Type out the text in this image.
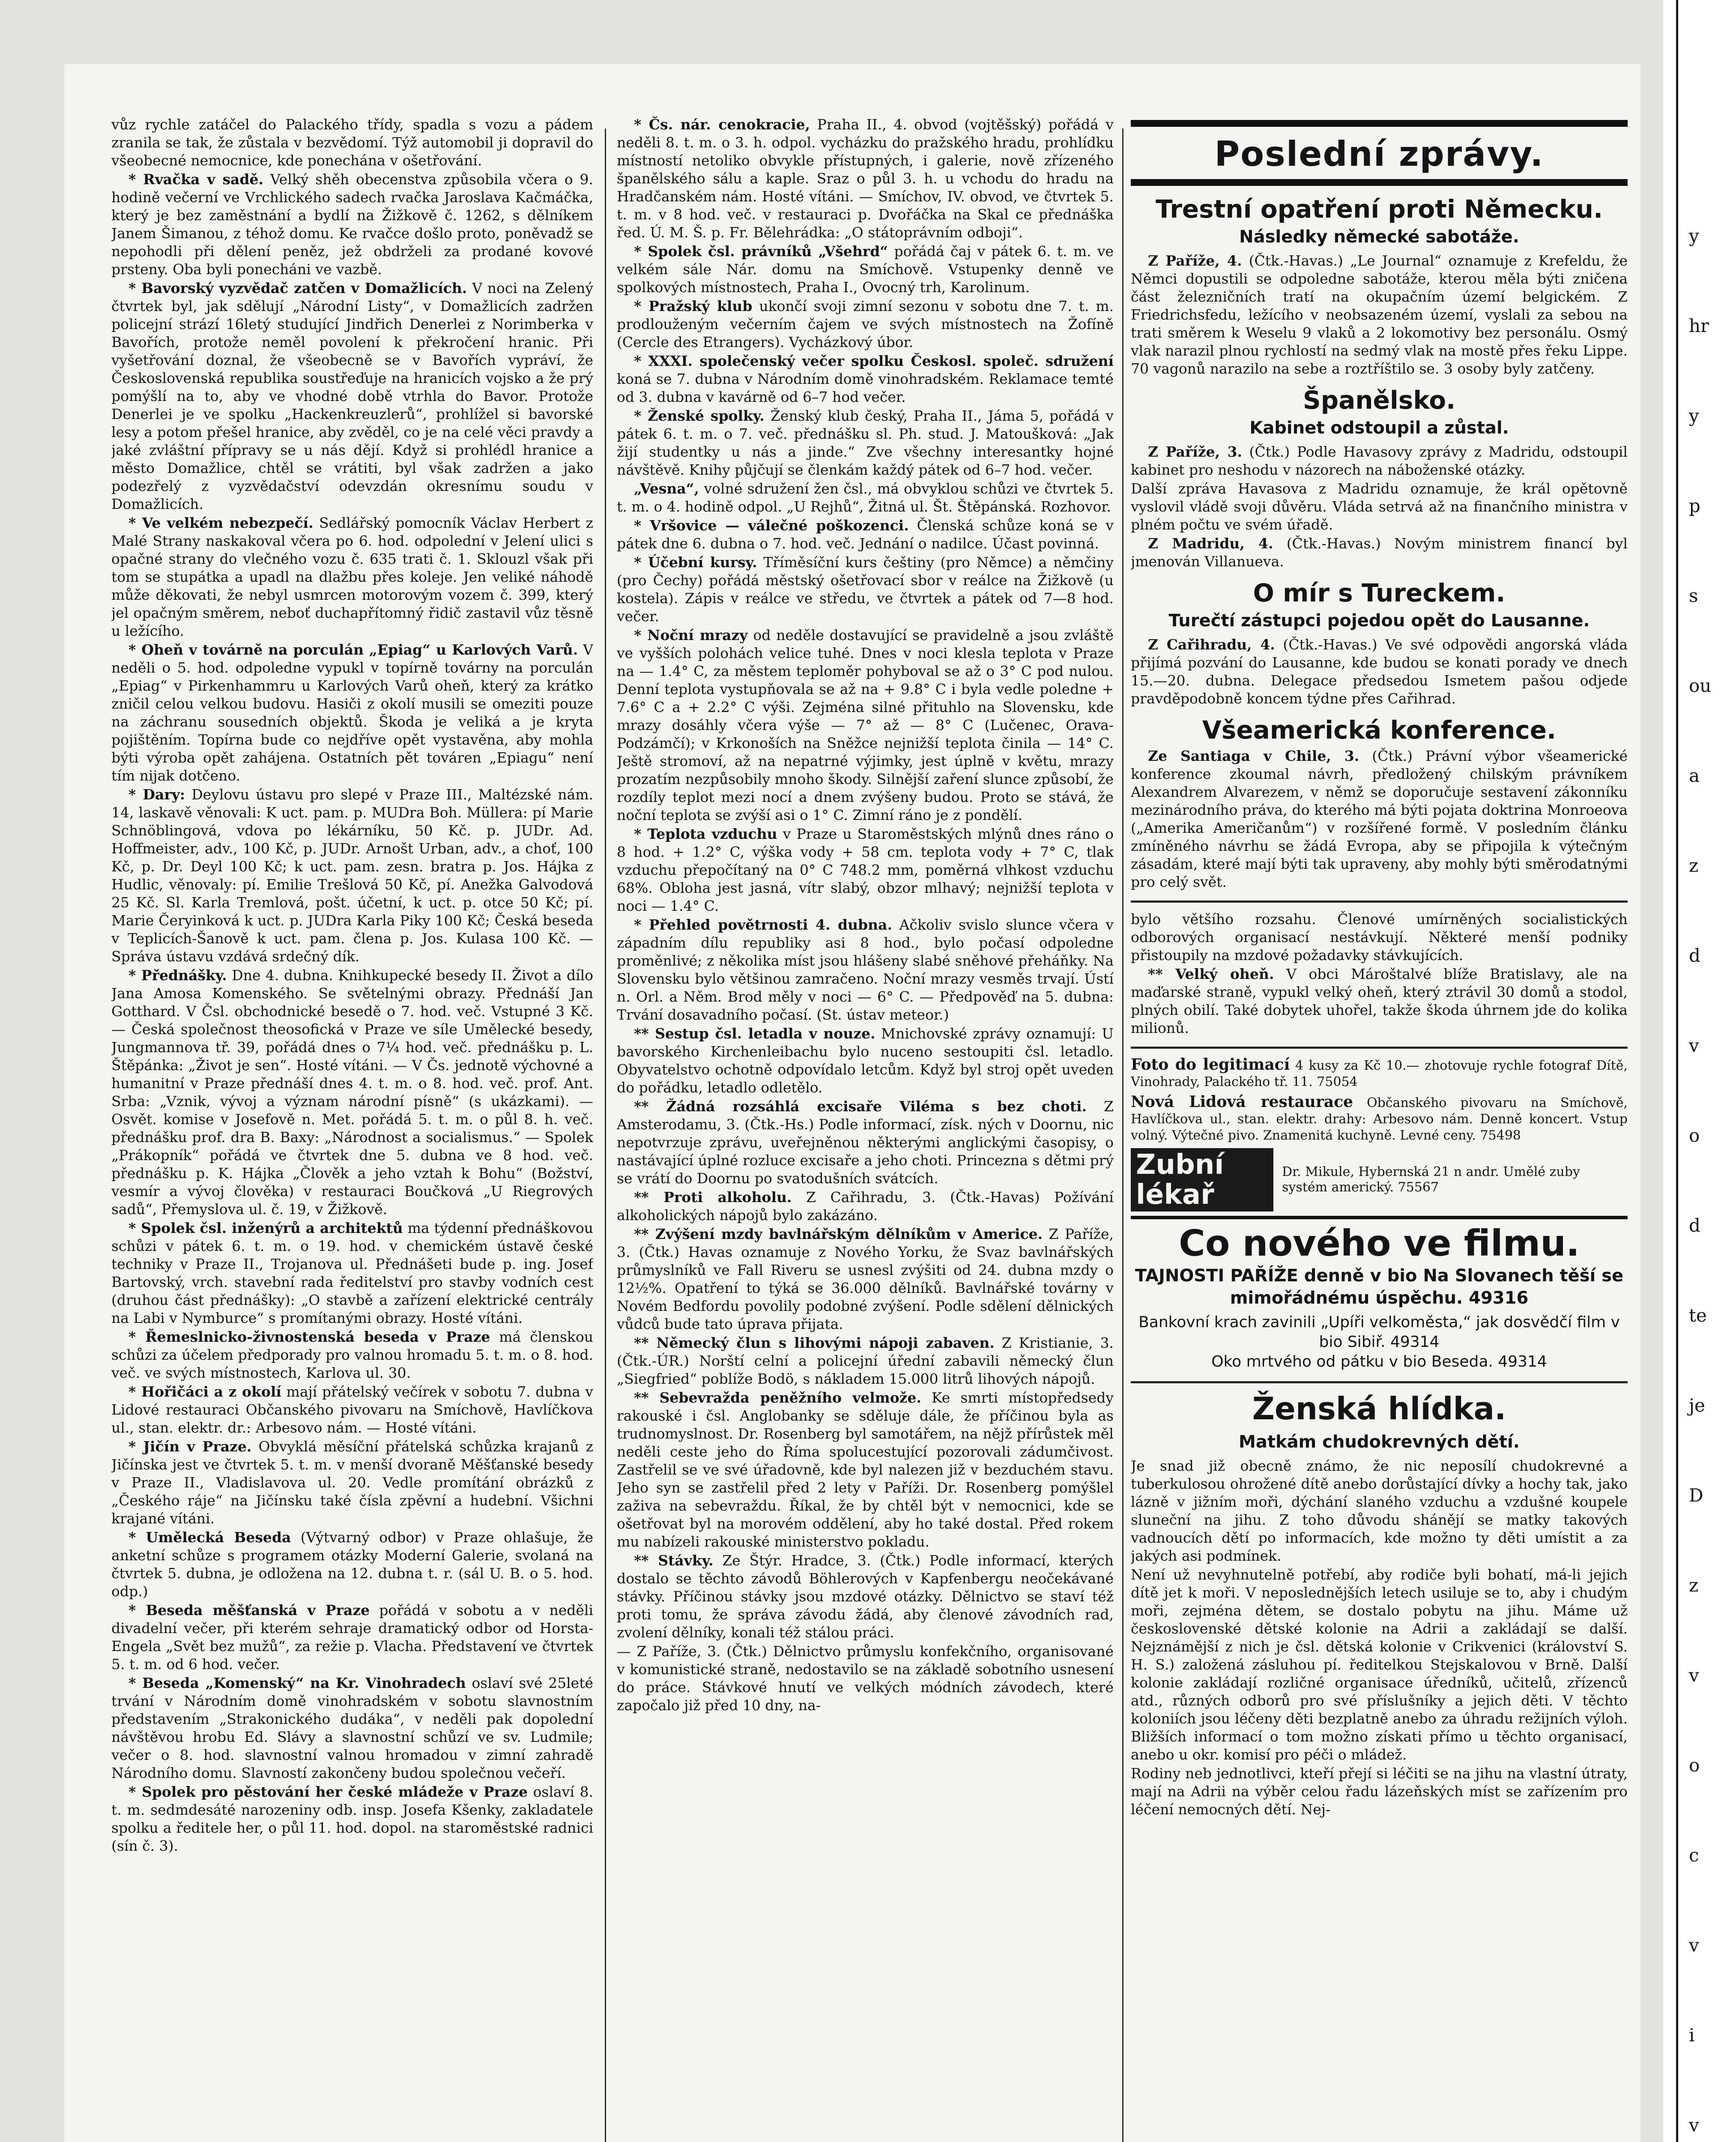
vůz rychle zatáčel do Palackého třídy, spadla s vozu a pádem zranila se tak, že zůstala v bezvědomí. Týž automobil ji dopravil do všeobecné nemocnice, kde ponechána v ošetřování.

* Rvačka v sadě. Velký shěh obecenstva způsobila včera o 9. hodině večerní ve Vrchlického sadech rvačka Jaroslava Kačmáčka, který je bez zaměstnání a bydlí na Žižkově č. 1262, s dělníkem Janem Šimanou, z téhož domu. Ke rvačce došlo proto, poněvadž se nepohodli při dělení peněz, jež obdrželi za prodané kovové prsteny. Oba byli ponecháni ve vazbě.

* Bavorský vyzvědač zatčen v Domažlicích. V noci na Zelený čtvrtek byl, jak sdělují „Národní Listy“, v Domažlicích zadržen policejní strází 16letý studující Jindřich Denerlei z Norimberka v Bavořích, protože neměl povolení k překročení hranic. Při vyšetřování doznal, že všeobecně se v Bavořích vypráví, že Československá republika soustřeďuje na hranicích vojsko a že prý pomýšlí na to, aby ve vhodné době vtrhla do Bavor. Protože Denerlei je ve spolku „Hackenkreuzlerů“, prohlížel si bavorské lesy a potom přešel hranice, aby zvěděl, co je na celé věci pravdy a jaké zvláštní přípravy se u nás dějí. Když si prohlédl hranice a město Domažlice, chtěl se vrátiti, byl však zadržen a jako podezřelý z vyzvědačství odevzdán okresnímu soudu v Domažlicích.

* Ve velkém nebezpečí. Sedlářský pomocník Václav Herbert z Malé Strany naskakoval včera po 6. hod. odpolední v Jelení ulici s opačné strany do vlečného vozu č. 635 trati č. 1. Sklouzl však při tom se stupátka a upadl na dlažbu přes koleje. Jen veliké náhodě může děkovati, že nebyl usmrcen motorovým vozem č. 399, který jel opačným směrem, neboť duchapřítomný řidič zastavil vůz těsně u ležícího.

* Oheň v továrně na porculán „Epiag“ u Karlových Varů. V neděli o 5. hod. odpoledne vypukl v topírně továrny na porculán „Epiag“ v Pirkenhammru u Karlových Varů oheň, který za krátko zničil celou velkou budovu. Hasiči z okolí musili se omeziti pouze na záchranu sousedních objektů. Škoda je veliká a je kryta pojištěním. Topírna bude co nejdříve opět vystavěna, aby mohla býti výroba opět zahájena. Ostatních pět továren „Epiagu“ není tím nijak dotčeno.

* Dary: Deylovu ústavu pro slepé v Praze III., Maltézské nám. 14, laskavě věnovali: K uct. pam. p. MUDra Boh. Müllera: pí Marie Schnöblingová, vdova po lékárníku, 50 Kč. p. JUDr. Ad. Hoffmeister, adv., 100 Kč, p. JUDr. Arnošt Urban, adv., a choť, 100 Kč, p. Dr. Deyl 100 Kč; k uct. pam. zesn. bratra p. Jos. Hájka z Hudlic, věnovaly: pí. Emilie Trešlová 50 Kč, pí. Anežka Galvodová 25 Kč. Sl. Karla Tremlová, pošt. účetní, k uct. p. otce 50 Kč; pí. Marie Čeryinková k uct. p. JUDra Karla Piky 100 Kč; Česká beseda v Teplicích-Šanově k uct. pam. člena p. Jos. Kulasa 100 Kč. — Správa ústavu vzdává srdečný dík.

* Přednášky. Dne 4. dubna. Knihkupecké besedy II. Život a dílo Jana Amosa Komenského. Se světelnými obrazy. Přednáší Jan Gotthard. V Čsl. obchodnické besedě o 7. hod. več. Vstupné 3 Kč. — Česká společnost theosofická v Praze ve síle Umělecké besedy, Jungmannova tř. 39, pořádá dnes o 7¼ hod. več. přednášku p. L. Štěpánka: „Život je sen“. Hosté vítáni. — V Čs. jednotě výchovné a humanitní v Praze přednáší dnes 4. t. m. o 8. hod. več. prof. Ant. Srba: „Vznik, vývoj a význam národní písně“ (s ukázkami). — Osvět. komise v Josefově n. Met. pořádá 5. t. m. o půl 8. h. več. přednášku prof. dra B. Baxy: „Národnost a socialismus.“ — Spolek „Prákopník“ pořádá ve čtvrtek dne 5. dubna ve 8 hod. več. přednášku p. K. Hájka „Člověk a jeho vztah k Bohu“ (Božství, vesmír a vývoj člověka) v restauraci Boučková „U Riegrových sadů“, Přemyslova ul. č. 19, v Žižkově.

* Spolek čsl. inženýrů a architektů ma týdenní přednáškovou schůzi v pátek 6. t. m. o 19. hod. v chemickém ústavě české techniky v Praze II., Trojanova ul. Přednášeti bude p. ing. Josef Bartovský, vrch. stavební rada ředitelství pro stavby vodních cest (druhou část přednášky): „O stavbě a zařízení elektrické centrály na Labi v Nymburce“ s promítanými obrazy. Hosté vítáni.

* Řemeslnicko-živnostenská beseda v Praze má členskou schůzi za účelem předporady pro valnou hromadu 5. t. m. o 8. hod. več. ve svých místnostech, Karlova ul. 30.

* Hořičáci a z okolí mají přátelský večírek v sobotu 7. dubna v Lidové restauraci Občanského pivovaru na Smíchově, Havlíčkova ul., stan. elektr. dr.: Arbesovo nám. — Hosté vítáni.

* Jičín v Praze. Obvyklá měsíční přátelská schůzka krajanů z Jičínska jest ve čtvrtek 5. t. m. v menší dvoraně Měšťanské besedy v Praze II., Vladislavova ul. 20. Vedle promítání obrázků z „Českého ráje“ na Jičínsku také čísla zpěvní a hudební. Všichni krajané vítáni.

* Umělecká Beseda (Výtvarný odbor) v Praze ohlašuje, že anketní schůze s programem otázky Moderní Galerie, svolaná na čtvrtek 5. dubna, je odložena na 12. dubna t. r. (sál U. B. o 5. hod. odp.)

* Beseda měšťanská v Praze pořádá v sobotu a v neděli divadelní večer, při kterém sehraje dramatický odbor od Horsta-Engela „Svět bez mužů“, za režie p. Vlacha. Představení ve čtvrtek 5. t. m. od 6 hod. večer.

* Beseda „Komenský“ na Kr. Vinohradech oslaví své 25leté trvání v Národním domě vinohradském v sobotu slavnostním představením „Strakonického dudáka“, v neděli pak dopolední návštěvou hrobu Ed. Slávy a slavnostní schůzí ve sv. Ludmile; večer o 8. hod. slavnostní valnou hromadou v zimní zahradě Národního domu. Slavností zakončeny budou společnou večeří.

* Spolek pro pěstování her české mládeže v Praze oslaví 8. t. m. sedmdesáté narozeniny odb. insp. Josefa Kšenky, zakladatele spolku a ředitele her, o půl 11. hod. dopol. na staroměstské radnici (sín č. 3).

* Čs. nár. cenokracie, Praha II., 4. obvod (vojtěšský) pořádá v neděli 8. t. m. o 3. h. odpol. vycházku do pražského hradu, prohlídku místností netoliko obvykle přístupných, i galerie, nově zřízeného španělského sálu a kaple. Sraz o půl 3. h. u vchodu do hradu na Hradčanském nám. Hosté vítáni. — Smíchov, IV. obvod, ve čtvrtek 5. t. m. v 8 hod. več. v restauraci p. Dvořáčka na Skal ce přednáška řed. Ú. M. Š. p. Fr. Bělehrádka: „O státoprávním odboji“.

* Spolek čsl. právníků „Všehrd“ pořádá čaj v pátek 6. t. m. ve velkém sále Nár. domu na Smíchově. Vstupenky denně ve spolkových místnostech, Praha I., Ovocný trh, Karolinum.

* Pražský klub ukončí svoji zimní sezonu v sobotu dne 7. t. m. prodlouženým večerním čajem ve svých místnostech na Žofíně (Cercle des Etrangers). Vycházkový úbor.

* XXXI. společenský večer spolku Českosl. společ. sdružení koná se 7. dubna v Národním domě vinohradském. Reklamace temté od 3. dubna v kavárně od 6–7 hod večer.

* Ženské spolky. Ženský klub český, Praha II., Jáma 5, pořádá v pátek 6. t. m. o 7. več. přednášku sl. Ph. stud. J. Matoušková: „Jak žijí studentky u nás a jinde.“ Zve všechny interesantky hojné návštěvě. Knihy půjčují se členkám každý pátek od 6–7 hod. večer.

„Vesna“, volné sdružení žen čsl., má obvyklou schůzi ve čtvrtek 5. t. m. o 4. hodině odpol. „U Rejhů“, Žitná ul. Št. Štěpánská. Rozhovor.

* Vršovice — válečné poškozenci. Členská schůze koná se v pátek dne 6. dubna o 7. hod. več. Jednání o nadilce. Účast povinná.

* Účební kursy. Tříměsíční kurs češtiny (pro Němce) a němčiny (pro Čechy) pořádá městský ošetřovací sbor v reálce na Žižkově (u kostela). Zápis v reálce ve středu, ve čtvrtek a pátek od 7—8 hod. večer.

* Noční mrazy od neděle dostavující se pravidelně a jsou zvláště ve vyšších polohách velice tuhé. Dnes v noci klesla teplota v Praze na — 1.4° C, za městem teploměr pohyboval se až o 3° C pod nulou. Denní teplota vystupňovala se až na + 9.8° C i byla vedle poledne + 7.6° C a + 2.2° C výši. Zejména silné přituhlo na Slovensku, kde mrazy dosáhly včera výše — 7° až — 8° C (Lučenec, Orava-Podzámčí); v Krkonoších na Sněžce nejnižší teplota činila — 14° C. Ještě stromoví, až na nepatrné výjimky, jest úplně v květu, mrazy prozatím nezpůsobily mnoho škody. Silnější zaření slunce způsobí, že rozdíly teplot mezi nocí a dnem zvýšeny budou. Proto se stává, že noční teplota se zvýší asi o 1° C. Zimní ráno je z pondělí.

* Teplota vzduchu v Praze u Staroměstských mlýnů dnes ráno o 8 hod. + 1.2° C, výška vody + 58 cm. teplota vody + 7° C, tlak vzduchu přepočítaný na 0° C 748.2 mm, poměrná vlhkost vzduchu 68%. Obloha jest jasná, vítr slabý, obzor mlhavý; nejnižší teplota v noci — 1.4° C.

* Přehled povětrnosti 4. dubna. Ačkoliv svislo slunce včera v západním dílu republiky asi 8 hod., bylo počasí odpoledne proměnlivé; z několika míst jsou hlášeny slabé sněhové přeháňky. Na Slovensku bylo většinou zamračeno. Noční mrazy vesměs trvají. Ústí n. Orl. a Něm. Brod měly v noci — 6° C. — Předpověď na 5. dubna: Trvání dosavadního počasí. (St. ústav meteor.)

** Sestup čsl. letadla v nouze. Mnichovské zprávy oznamují: U bavorského Kirchenleibachu bylo nuceno sestoupiti čsl. letadlo. Obyvatelstvo ochotně odpovídalo letcům. Když byl stroj opět uveden do pořádku, letadlo odletělo.

** Žádná rozsáhlá excisaře Viléma s bez choti. Z Amsterodamu, 3. (Čtk.-Hs.) Podle informací, získ. ných v Doornu, nic nepotvrzuje zprávu, uveřejněnou některými anglickými časopisy, o nastávající úplné rozluce excisaře a jeho choti. Princezna s dětmi prý se vrátí do Doornu po svatodušních svátcích.

** Proti alkoholu. Z Cařihradu, 3. (Čtk.-Havas) Požívání alkoholických nápojů bylo zakázáno.

** Zvýšení mzdy bavlnářským dělníkům v Americe. Z Paříže, 3. (Čtk.) Havas oznamuje z Nového Yorku, že Svaz bavlnářských průmyslníků ve Fall Riveru se usnesl zvýšiti od 24. dubna mzdy o 12½%. Opatření to týká se 36.000 dělníků. Bavlnářské továrny v Novém Bedfordu povolily podobné zvýšení. Podle sdělení dělnických vůdců bude tato úprava přijata.

** Německý člun s lihovými nápoji zabaven. Z Kristianie, 3. (Čtk.-ÚR.) Norští celní a policejní úřední zabavili německý člun „Siegfried“ poblíže Bodö, s nákladem 15.000 litrů lihových nápojů.

** Sebevražda peněžního velmože. Ke smrti místopředsedy rakouské i čsl. Anglobanky se sděluje dále, že příčinou byla as trudnomyslnost. Dr. Rosenberg byl samotářem, na nějž přírůstek měl neděli ceste jeho do Říma spolucestující pozorovali zádumčivost. Zastřelil se ve své úřadovně, kde byl nalezen již v bezduchém stavu. Jeho syn se zastřelil před 2 lety v Paříži. Dr. Rosenberg pomýšlel zaživa na sebevraždu. Říkal, že by chtěl být v nemocnici, kde se ošetřovat byl na morovém oddělení, aby ho také dostal. Před rokem mu nabízeli rakouské ministerstvo pokladu.

** Stávky. Ze Štýr. Hradce, 3. (Čtk.) Podle informací, kterých dostalo se těchto závodů Böhlerových v Kapfenbergu neočekávané stávky. Příčinou stávky jsou mzdové otázky. Dělnictvo se staví též proti tomu, že správa závodu žádá, aby členové závodních rad, zvolení dělníky, konali též stálou práci.

— Z Paříže, 3. (Čtk.) Dělnictvo průmyslu konfekčního, organisované v komunistické straně, nedostavilo se na základě sobotního usnesení do práce. Stávkové hnutí ve velkých módních závodech, které započalo již před 10 dny, na-

Poslední zprávy.
Trestní opatření proti Německu.
Následky německé sabotáže.

Z Paříže, 4. (Čtk.-Havas.) „Le Journal“ oznamuje z Krefeldu, že Němci dopustili se odpoledne sabotáže, kterou měla býti zničena část železničních tratí na okupačním území belgickém. Z Friedrichsfedu, ležícího v neobsazeném území, vyslali za sebou na trati směrem k Weselu 9 vlaků a 2 lokomotivy bez personálu. Osmý vlak narazil plnou rychlostí na sedmý vlak na mostě přes řeku Lippe. 70 vagonů narazilo na sebe a roztříštilo se. 3 osoby byly zatčeny.

Španělsko.
Kabinet odstoupil a zůstal.

Z Paříže, 3. (Čtk.) Podle Havasovy zprávy z Madridu, odstoupil kabinet pro neshodu v názorech na náboženské otázky.

Další zpráva Havasova z Madridu oznamuje, že král opětovně vyslovil vládě svoji důvěru. Vláda setrvá až na finančního ministra v plném počtu ve svém úřadě.

Z Madridu, 4. (Čtk.-Havas.) Novým ministrem financí byl jmenován Villanueva.

O mír s Tureckem.
Turečtí zástupci pojedou opět do Lausanne.

Z Cařihradu, 4. (Čtk.-Havas.) Ve své odpovědi angorská vláda přijímá pozvání do Lausanne, kde budou se konati porady ve dnech 15.—20. dubna. Delegace předsedou Ismetem pašou odjede pravděpodobně koncem týdne přes Cařihrad.

Všeamerická konference.

Ze Santiaga v Chile, 3. (Čtk.) Právní výbor všeamerické konference zkoumal návrh, předložený chilským právníkem Alexandrem Alvarezem, v němž se doporučuje sestavení zákonníku mezinárodního práva, do kterého má býti pojata doktrina Monroeova („Amerika Američanům“) v rozšířené formě. V posledním článku zmíněného návrhu se žádá Evropa, aby se připojila k výtečným zásadám, které mají býti tak upraveny, aby mohly býti směrodatnými pro celý svět.

bylo většího rozsahu. Členové umírněných socialistických odborových organisací nestávkují. Některé menší podniky přistoupily na mzdové požadavky stávkujících.

** Velký oheň. V obci Mároštalvé blíže Bratislavy, ale na maďarské straně, vypukl velký oheň, který ztrávil 30 domů a stodol, plných obilí. Také dobytek uhořel, takže škoda úhrnem jde do kolika milionů.

Foto do legitimací 4 kusy za Kč 10.— zhotovuje rychle fotograf Dítě, Vinohrady, Palackého tř. 11. 75054
Nová Lidová restaurace Občanského pivovaru na Smíchově, Havlíčkova ul., stan. elektr. drahy: Arbesovo nám. Denně koncert. Vstup volný. Výtečné pivo. Znamenitá kuchyně. Levné ceny. 75498
Zubní lékař
Dr. Mikule, Hybernská 21 n andr. Umělé zuby systém americký. 75567
Co nového ve filmu.
TAJNOSTI PAŘÍŽE denně v bio Na Slovanech těší se mimořádnému úspěchu. 49316
Bankovní krach zavinili „Upíři velkoměsta,“ jak dosvědčí film v bio Sibiř. 49314
Oko mrtvého od pátku v bio Beseda. 49314
Ženská hlídka.
Matkám chudokrevných dětí.

Je snad již obecně známo, že nic neposílí chudokrevné a tuberkulosou ohrožené dítě anebo dorůstající dívky a hochy tak, jako lázně v jižním moři, dýchání slaného vzduchu a vzdušné koupele sluneční na jihu. Z toho důvodu shánějí se matky takových vadnoucích dětí po informacích, kde možno ty děti umístit a za jakých asi podmínek.

Není už nevyhnutelně potřebí, aby rodiče byli bohatí, má-li jejich dítě jet k moři. V neposlednějších letech usiluje se to, aby i chudým moři, zejména dětem, se dostalo pobytu na jihu. Máme už československé dětské kolonie na Adrii a zakládají se další. Nejznámější z nich je čsl. dětská kolonie v Crikvenici (království S. H. S.) založená zásluhou pí. ředitelkou Stejskalovou v Brně. Další kolonie zakládají rozličné organisace úředníků, učitelů, zřízenců atd., různých odborů pro své příslušníky a jejich děti. V těchto koloniích jsou léčeny děti bezplatně anebo za úhradu režijních výloh. Bližších informací o tom možno získati přímo u těchto organisací, anebo u okr. komisí pro péči o mládež.

Rodiny neb jednotlivci, kteří přejí si léčiti se na jihu na vlastní útraty, mají na Adrii na výběr celou řadu lázeňských míst se zařízením pro léčení nemocných dětí. Nej-

y
hr
y
p
s
ou
a
z
d
v
o
d
te
je
D
z
v
o
c
v
i
v
